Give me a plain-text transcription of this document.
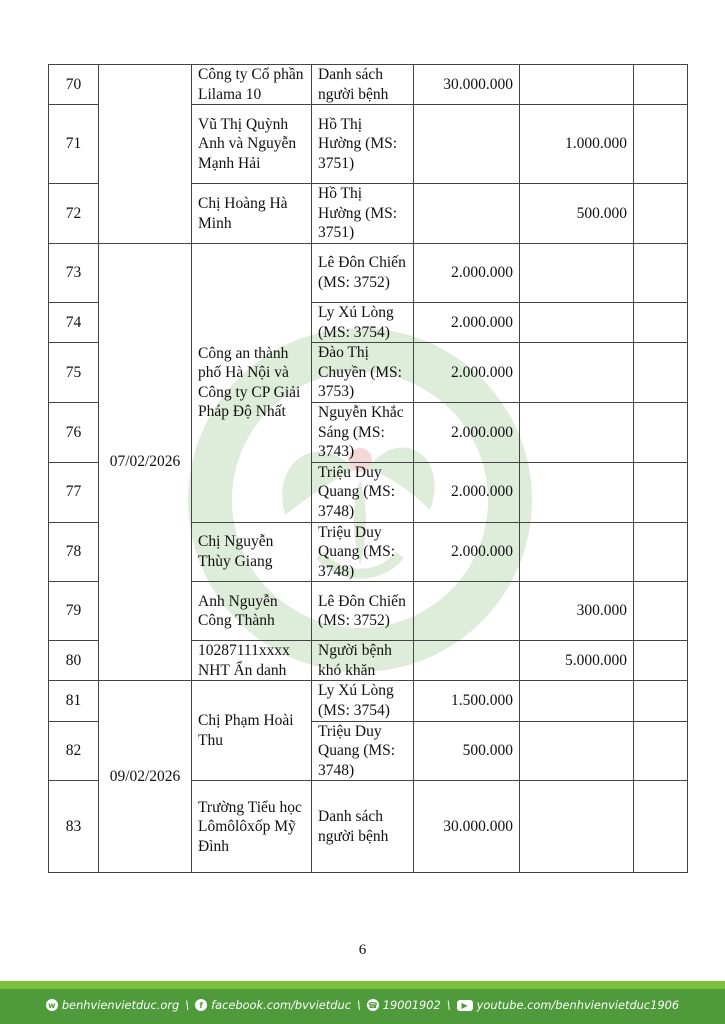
70		Công ty Cổ phần Lilama 10	Danh sách người bệnh	30.000.000		
71		Vũ Thị Quỳnh Anh và Nguyễn Mạnh Hải	Hồ Thị Hường (MS: 3751)		1.000.000	
72		Chị Hoàng Hà Minh	Hồ Thị Hường (MS: 3751)		500.000	
73	07/02/2026	Công an thành phố Hà Nội và Công ty CP Giải Pháp Độ Nhất	Lê Đôn Chiến (MS: 3752)	2.000.000		
74			Ly Xú Lòng (MS: 3754)	2.000.000		
75			Đào Thị Chuyền (MS: 3753)	2.000.000		
76			Nguyễn Khắc Sáng (MS: 3743)	2.000.000		
77			Triệu Duy Quang (MS: 3748)	2.000.000		
78		Chị Nguyễn Thùy Giang	Triệu Duy Quang (MS: 3748)	2.000.000		
79		Anh Nguyễn Công Thành	Lê Đôn Chiến (MS: 3752)		300.000	
80		10287111xxxx NHT Ẩn danh	Người bệnh khó khăn		5.000.000	
81	09/02/2026	Chị Phạm Hoài Thu	Ly Xú Lòng (MS: 3754)	1.500.000		
82			Triệu Duy Quang (MS: 3748)	500.000		
83		Trường Tiểu học Lômôlôxốp Mỹ Đình	Danh sách người bệnh	30.000.000		
6
w benhvienvietduc.org \	f facebook.com/bvvietduc \ ☎ 19001902 \	▶ youtube.com/benhvienvietduc1906
